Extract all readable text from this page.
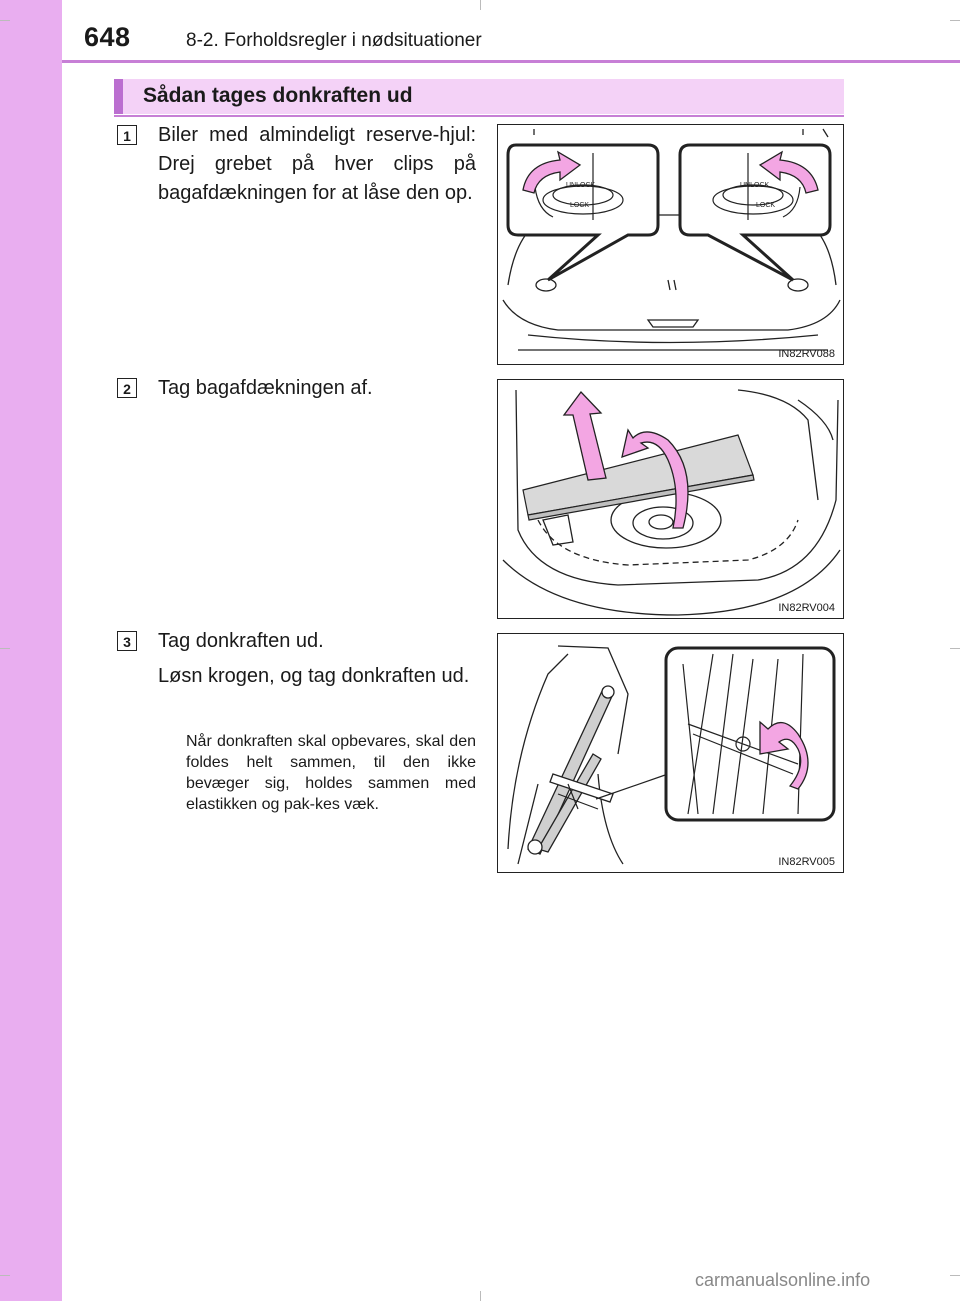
648	8-2. Forholdsregler i nødsituationer
Sådan tages donkraften ud
1	Biler med almindeligt reserve-hjul: Drej grebet på hver clips på bagafdækningen for at låse den op.	UNLOCK
LOCK
UNLOCK
LOCK
IN82RV088
2	Tag bagafdækningen af.
IN82RV004
3	Tag donkraften ud.
Løsn krogen, og tag donkraften ud.
Når donkraften skal opbevares, skal den foldes helt sammen, til den ikke bevæger sig, holdes sammen med elastikken og pak-kes væk.
IN82RV005
carmanualsonline.info
